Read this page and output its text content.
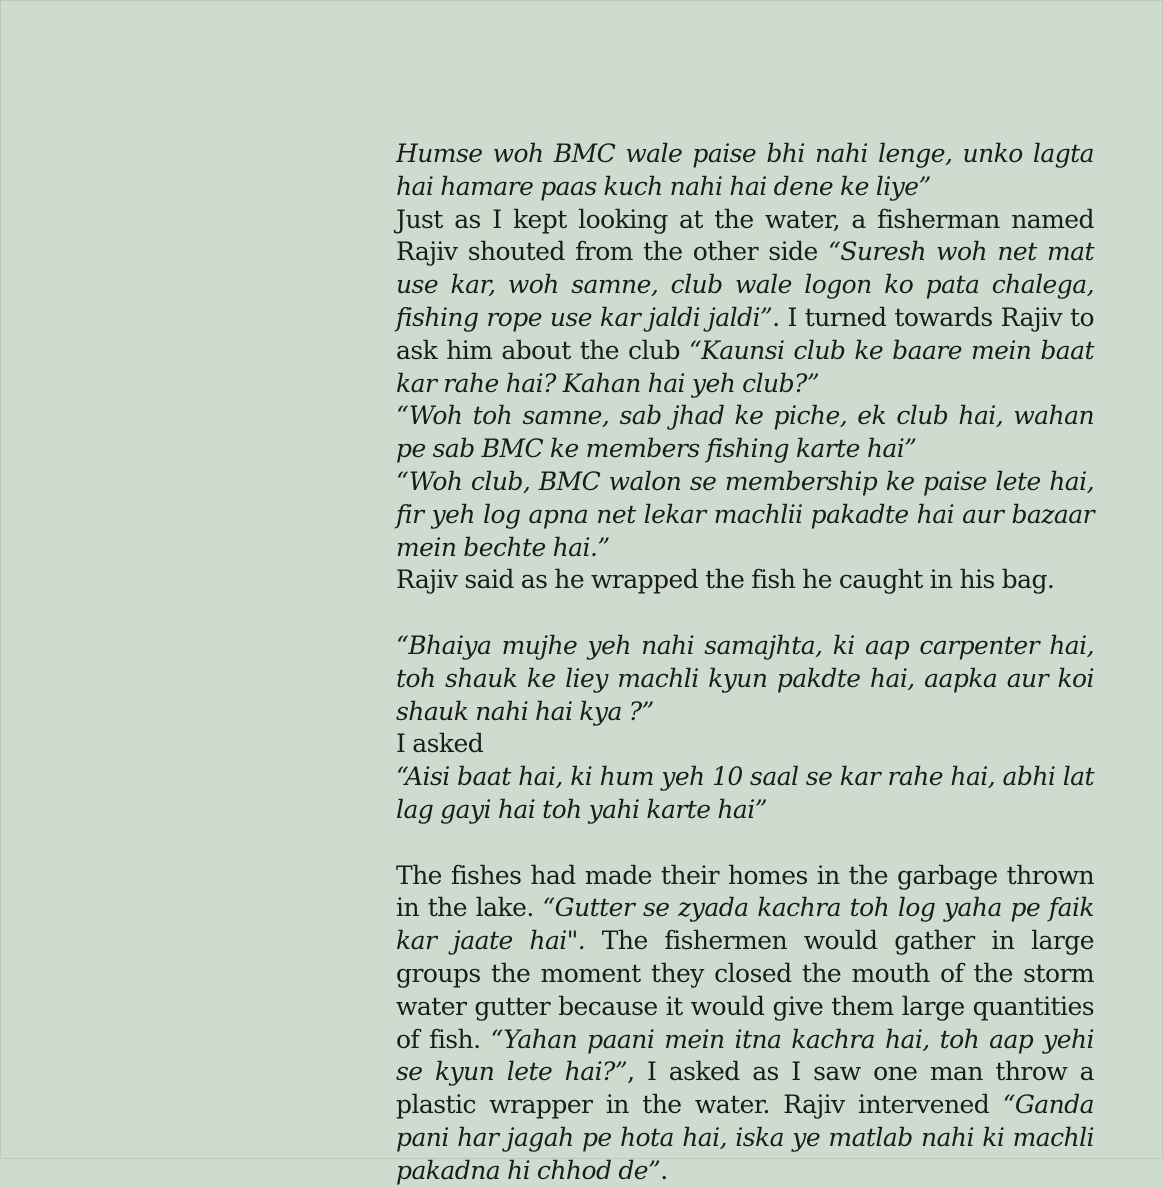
Humse woh BMC wale paise bhi nahi lenge, unko lagta hai hamare paas kuch nahi hai dene ke liye”

Just as I kept looking at the water, a fisherman named Rajiv shouted from the other side “Suresh woh net mat use kar, woh samne, club wale logon ko pata chalega, fishing rope use kar jaldi jaldi”. I turned towards Rajiv to ask him about the club “Kaunsi club ke baare mein baat kar rahe hai? Kahan hai yeh club?”

“Woh toh samne, sab jhad ke piche, ek club hai, wahan pe sab BMC ke members fishing karte hai”

“Woh club, BMC walon se membership ke paise lete hai, fir yeh log apna net lekar machlii pakadte hai aur bazaar mein bechte hai.”

Rajiv said as he wrapped the fish he caught in his bag.

“Bhaiya mujhe yeh nahi samajhta, ki aap carpenter hai, toh shauk ke liey machli kyun pakdte hai, aapka aur koi shauk nahi hai kya ?”

I asked

“Aisi baat hai, ki hum yeh 10 saal se kar rahe hai, abhi lat lag gayi hai toh yahi karte hai”

The fishes had made their homes in the garbage thrown in the lake. “Gutter se zyada kachra toh log yaha pe faik kar jaate hai". The fishermen would gather in large groups the moment they closed the mouth of the storm water gutter because it would give them large quantities of fish. “Yahan paani mein itna kachra hai, toh aap yehi se kyun lete hai?”, I asked as I saw one man throw a plastic wrapper in the water. Rajiv intervened “Ganda pani har jagah pe hota hai, iska ye matlab nahi ki machli pakadna hi chhod de”.
